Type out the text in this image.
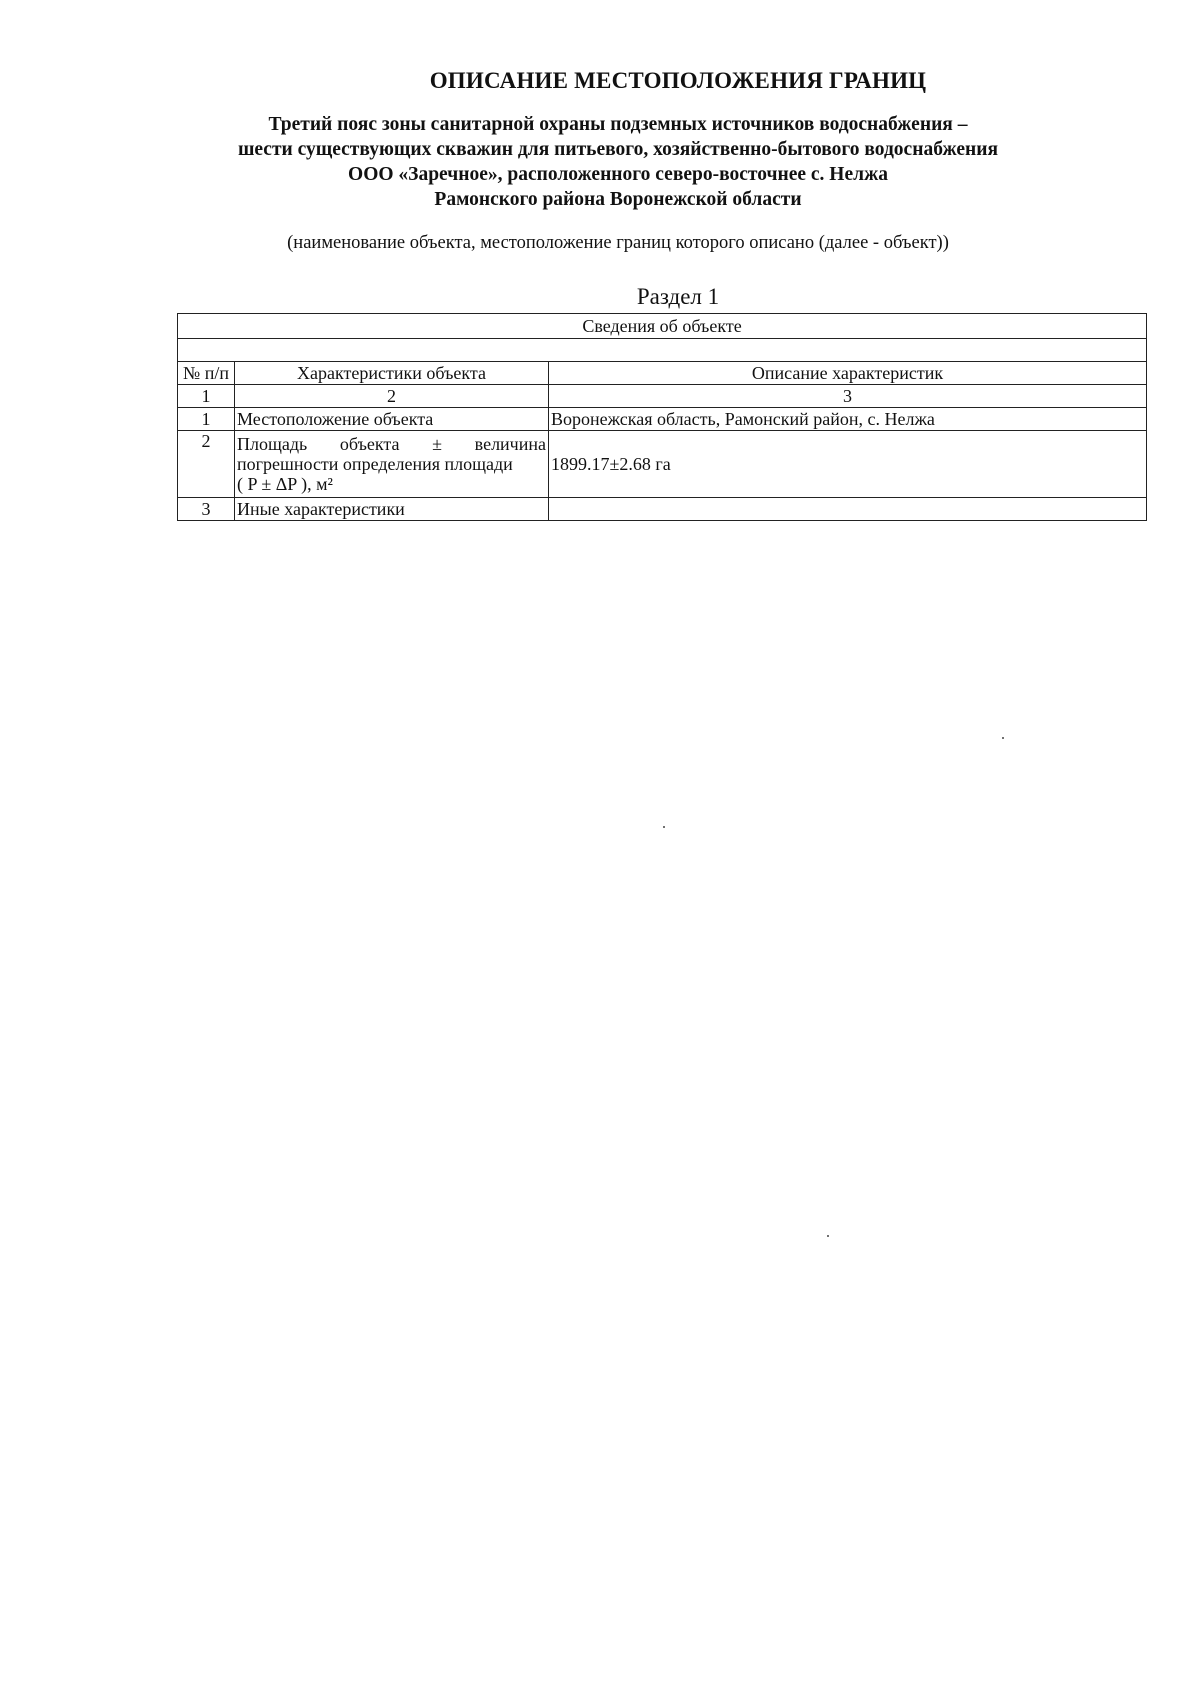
ОПИСАНИЕ МЕСТОПОЛОЖЕНИЯ ГРАНИЦ
Третий пояс зоны санитарной охраны подземных источников водоснабжения –
шести существующих скважин для питьевого, хозяйственно-бытового водоснабжения
ООО «Заречное», расположенного северо-восточнее с. Нелжа
Рамонского района Воронежской области
(наименование объекта, местоположение границ которого описано (далее - объект))
Раздел 1
Сведения об объекте		

№ п/п	Характеристики объекта	Описание характеристик
1	2	3
1	Местоположение объекта	Воронежская область, Рамонский район, с. Нелжа
2	Площадь объекта ± величина
погрешности определения площади
( P ± ΔP ), м²	1899.17±2.68 га
3	Иные характеристики	
